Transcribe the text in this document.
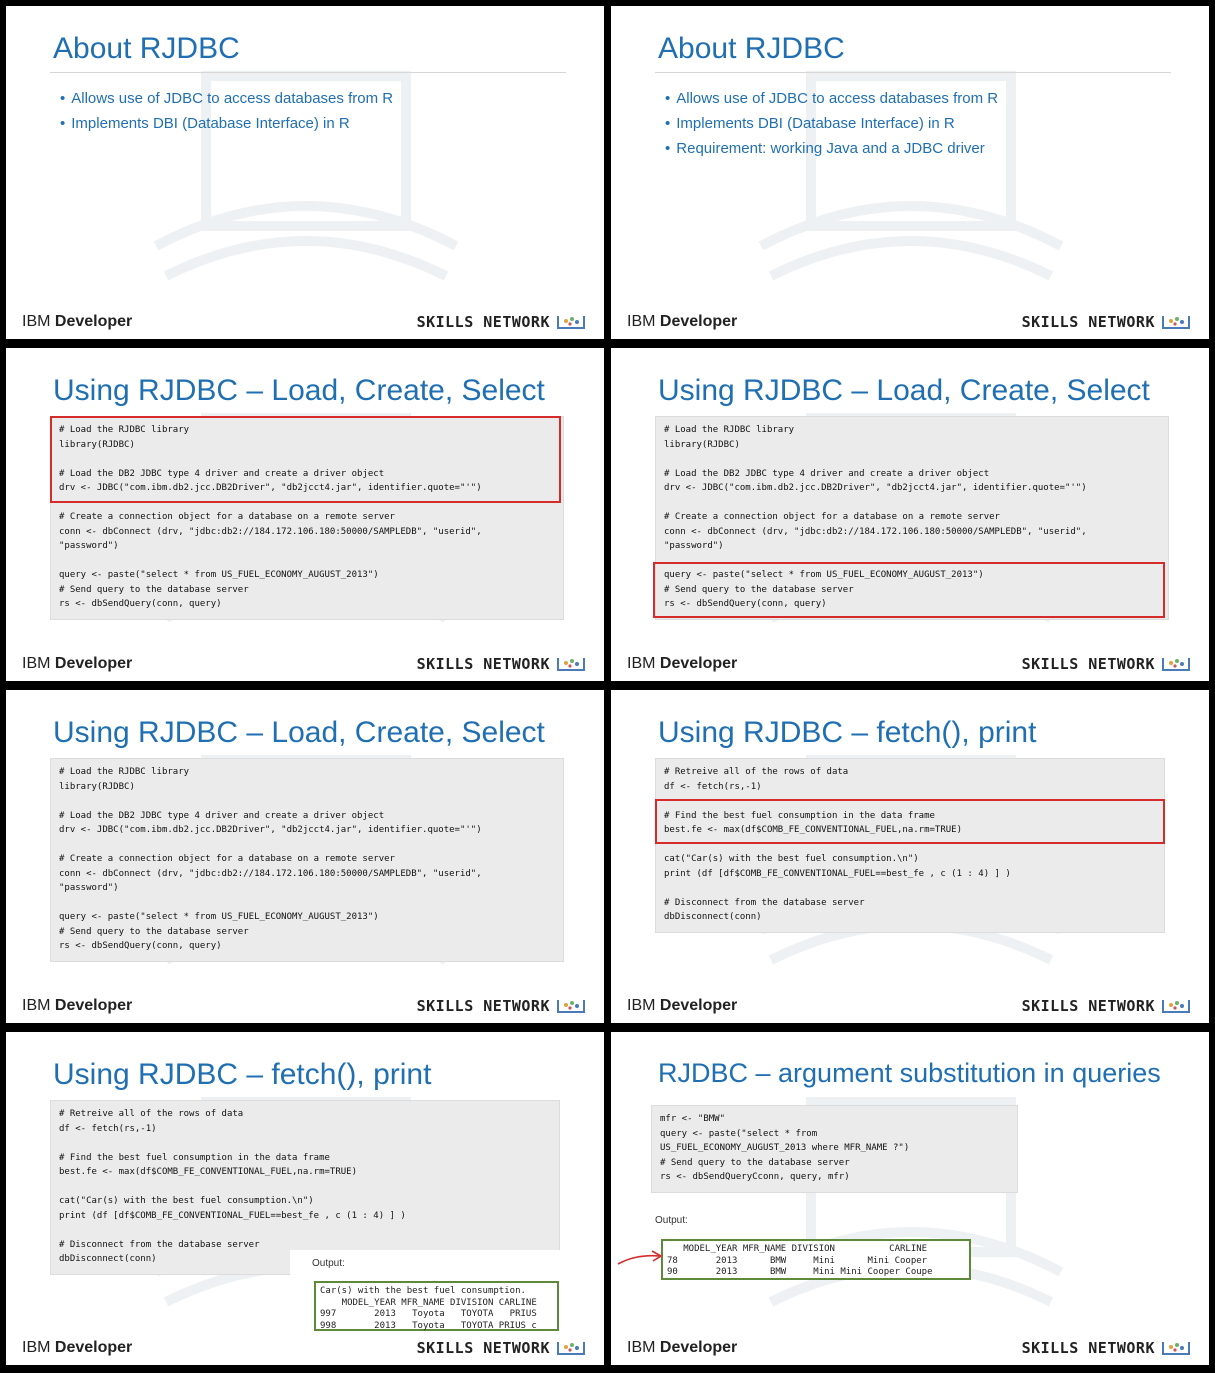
About RJDBC
• Allows use of JDBC to access databases from R
• Implements DBI (Database Interface) in R
IBM Developer	SKILLS NETWORK
About RJDBC
• Allows use of JDBC to access databases from R
• Implements DBI (Database Interface) in R
• Requirement: working Java and a JDBC driver
IBM Developer	SKILLS NETWORK
Using RJDBC – Load, Create, Select
# Load the RJDBC library
library(RJDBC)
# Load the DB2 JDBC type 4 driver and create a driver object
drv <- JDBC("com.ibm.db2.jcc.DB2Driver", "db2jcct4.jar", identifier.quote="'")
# Create a connection object for a database on a remote server
conn <- dbConnect (drv, "jdbc:db2://184.172.106.180:50000/SAMPLEDB", "userid",
"password")
query <- paste("select * from US_FUEL_ECONOMY_AUGUST_2013")
# Send query to the database server
rs <- dbSendQuery(conn, query)
IBM Developer	SKILLS NETWORK
Using RJDBC – Load, Create, Select
# Load the RJDBC library
library(RJDBC)
# Load the DB2 JDBC type 4 driver and create a driver object
drv <- JDBC("com.ibm.db2.jcc.DB2Driver", "db2jcct4.jar", identifier.quote="'")
# Create a connection object for a database on a remote server
conn <- dbConnect (drv, "jdbc:db2://184.172.106.180:50000/SAMPLEDB", "userid",
"password")
query <- paste("select * from US_FUEL_ECONOMY_AUGUST_2013")
# Send query to the database server
rs <- dbSendQuery(conn, query)
IBM Developer	SKILLS NETWORK
Using RJDBC – Load, Create, Select
# Load the RJDBC library
library(RJDBC)
# Load the DB2 JDBC type 4 driver and create a driver object
drv <- JDBC("com.ibm.db2.jcc.DB2Driver", "db2jcct4.jar", identifier.quote="'")
# Create a connection object for a database on a remote server
conn <- dbConnect (drv, "jdbc:db2://184.172.106.180:50000/SAMPLEDB", "userid",
"password")
query <- paste("select * from US_FUEL_ECONOMY_AUGUST_2013")
# Send query to the database server
rs <- dbSendQuery(conn, query)
IBM Developer	SKILLS NETWORK
Using RJDBC – fetch(), print
# Retreive all of the rows of data
df <- fetch(rs,-1)
# Find the best fuel consumption in the data frame
best.fe <- max(df$COMB_FE_CONVENTIONAL_FUEL,na.rm=TRUE)
cat("Car(s) with the best fuel consumption.\n")
print (df [df$COMB_FE_CONVENTIONAL_FUEL==best_fe , c (1 : 4) ] )
# Disconnect from the database server
dbDisconnect(conn)
IBM Developer	SKILLS NETWORK
Using RJDBC – fetch(), print
# Retreive all of the rows of data
df <- fetch(rs,-1)
# Find the best fuel consumption in the data frame
best.fe <- max(df$COMB_FE_CONVENTIONAL_FUEL,na.rm=TRUE)
cat("Car(s) with the best fuel consumption.\n")
print (df [df$COMB_FE_CONVENTIONAL_FUEL==best_fe , c (1 : 4) ] )
# Disconnect from the database server
dbDisconnect(conn)	Output:
Car(s) with the best fuel consumption.
MODEL_YEAR MFR_NAME DIVISION CARLINE
997       2013   Toyota   TOYOTA   PRIUS
998       2013   Toyota   TOYOTA PRIUS c
IBM Developer	SKILLS NETWORK
RJDBC – argument substitution in queries
mfr <- "BMW"
query <- paste("select * from
US_FUEL_ECONOMY_AUGUST_2013 where MFR_NAME ?")
# Send query to the database server
rs <- dbSendQueryCconn, query, mfr)
Output:
MODEL_YEAR MFR_NAME DIVISION          CARLINE
78       2013      BMW     Mini      Mini Cooper
90       2013      BMW     Mini Mini Cooper Coupe
IBM Developer	SKILLS NETWORK
